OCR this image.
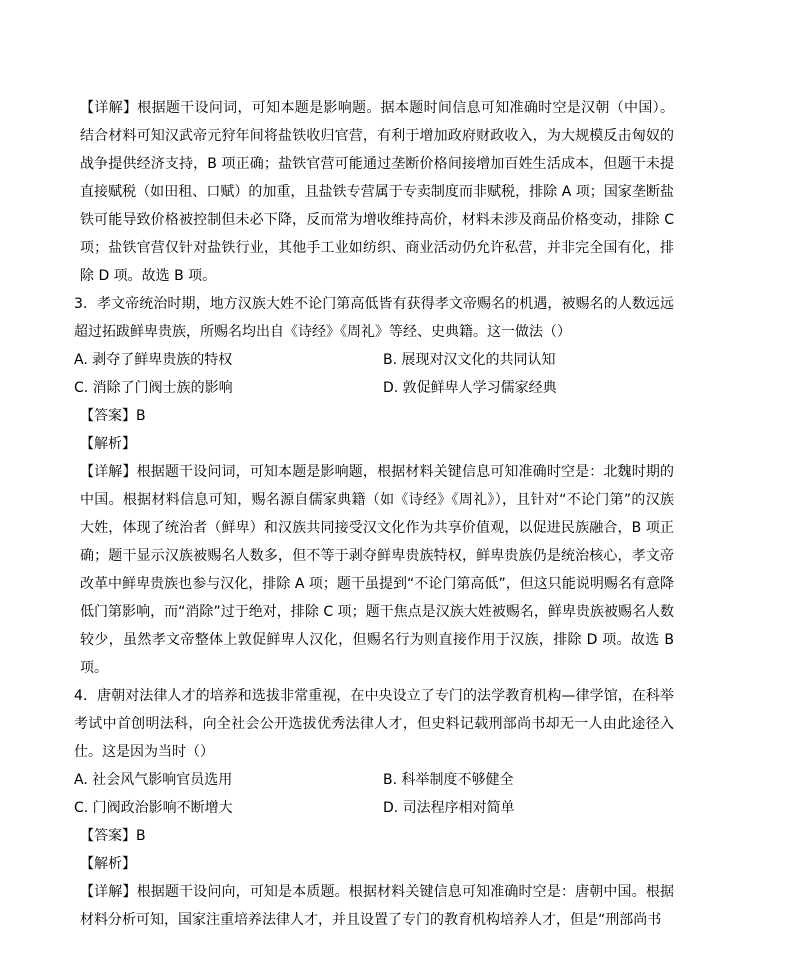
【详解】根据题干设问词，可知本题是影响题。据本题时间信息可知准确时空是汉朝（中国）。结合材料可知汉武帝元狩年间将盐铁收归官营，有利于增加政府财政收入，为大规模反击匈奴的战争提供经济支持，B 项正确；盐铁官营可能通过垄断价格间接增加百姓生活成本，但题干未提直接赋税（如田租、口赋）的加重，且盐铁专营属于专卖制度而非赋税，排除 A 项；国家垄断盐铁可能导致价格被控制但未必下降，反而常为增收维持高价，材料未涉及商品价格变动，排除 C 项；盐铁官营仅针对盐铁行业，其他手工业如纺织、商业活动仍允许私营，并非完全国有化，排除 D 项。故选 B 项。

3．孝文帝统治时期，地方汉族大姓不论门第高低皆有获得孝文帝赐名的机遇，被赐名的人数远远超过拓跋鲜卑贵族，所赐名均出自《诗经》《周礼》等经、史典籍。这一做法（）

A. 剥夺了鲜卑贵族的特权	B. 展现对汉文化的共同认知
C. 消除了门阀士族的影响	D. 敦促鲜卑人学习儒家经典

【答案】B

【解析】

【详解】根据题干设问词，可知本题是影响题，根据材料关键信息可知准确时空是：北魏时期的中国。根据材料信息可知，赐名源自儒家典籍（如《诗经》《周礼》），且针对“不论门第”的汉族大姓，体现了统治者（鲜卑）和汉族共同接受汉文化作为共享价值观，以促进民族融合，B 项正确；题干显示汉族被赐名人数多，但不等于剥夺鲜卑贵族特权，鲜卑贵族仍是统治核心，孝文帝改革中鲜卑贵族也参与汉化，排除 A 项；题干虽提到“不论门第高低”，但这只能说明赐名有意降低门第影响，而“消除”过于绝对，排除 C 项；题干焦点是汉族大姓被赐名，鲜卑贵族被赐名人数较少，虽然孝文帝整体上敦促鲜卑人汉化，但赐名行为则直接作用于汉族，排除 D 项。故选 B 项。

4．唐朝对法律人才的培养和选拔非常重视，在中央设立了专门的法学教育机构—律学馆，在科举考试中首创明法科，向全社会公开选拔优秀法律人才，但史料记载刑部尚书却无一人由此途径入仕。这是因为当时（）

A. 社会风气影响官员选用	B. 科举制度不够健全
C. 门阀政治影响不断增大	D. 司法程序相对简单

【答案】B

【解析】

【详解】根据题干设问向，可知是本质题。根据材料关键信息可知准确时空是：唐朝中国。根据材料分析可知，国家注重培养法律人才，并且设置了专门的教育机构培养人才，但是“刑部尚书
